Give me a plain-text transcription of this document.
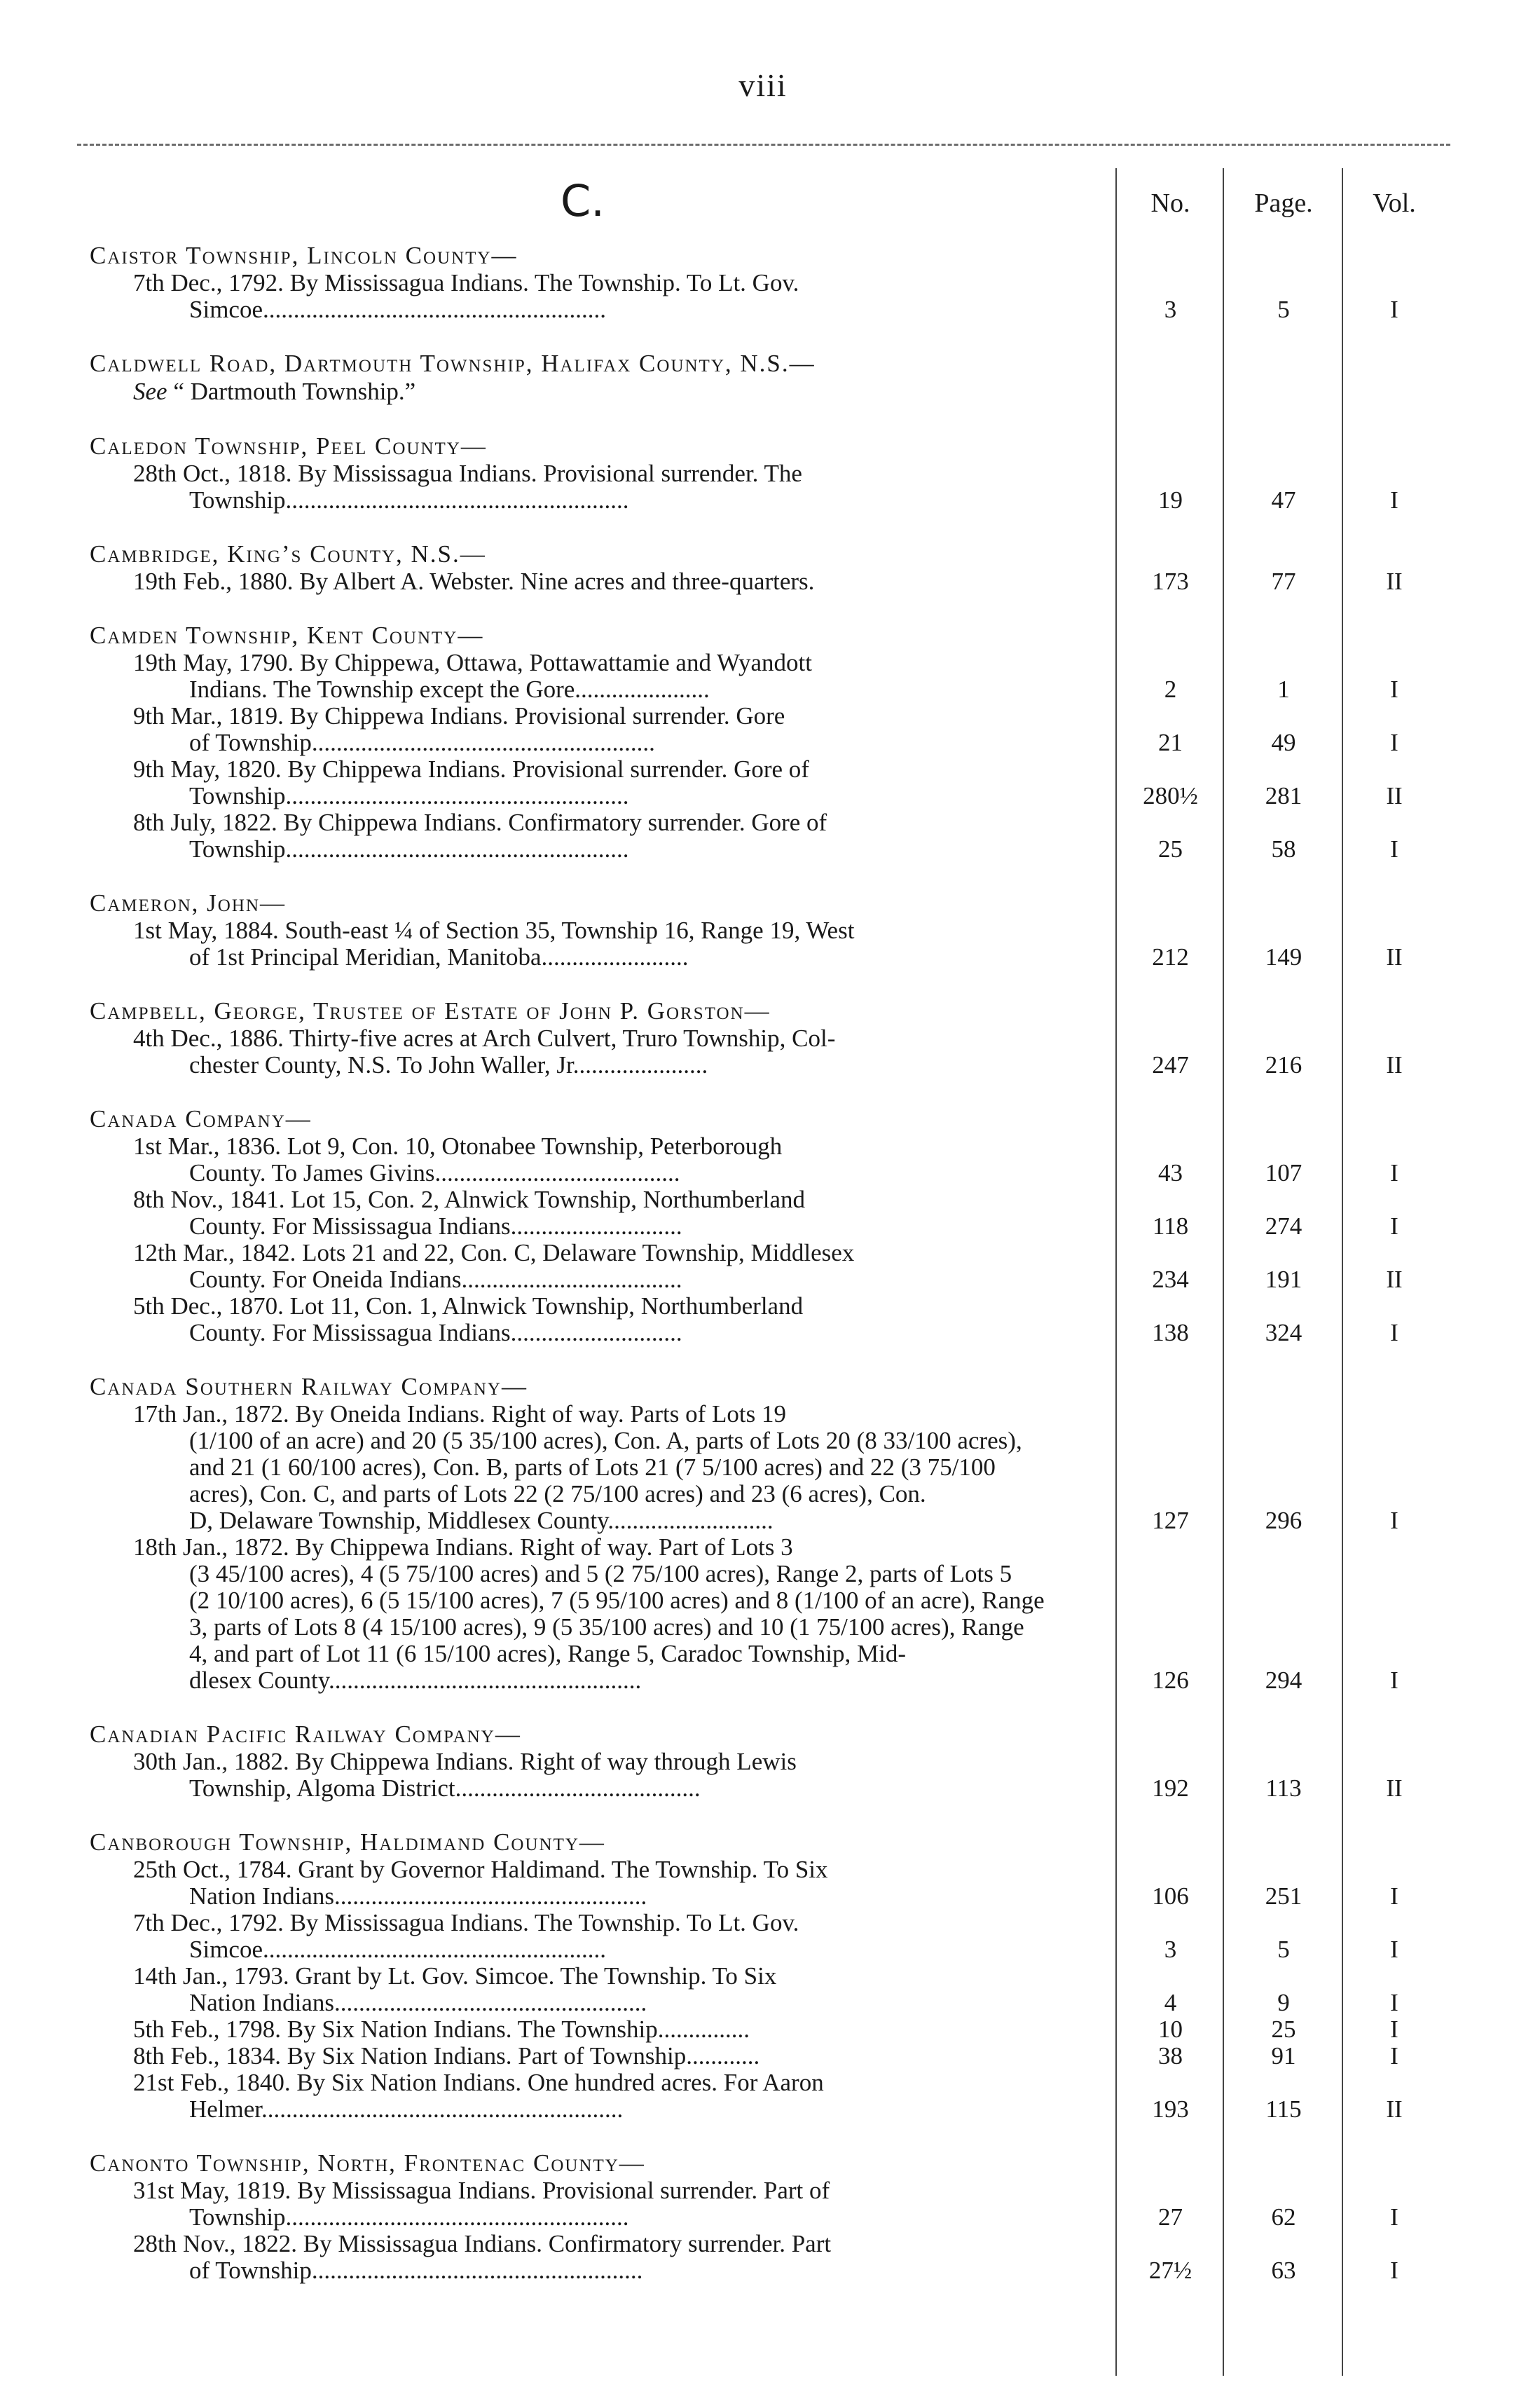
viii
C.	No.	Page.	Vol.
Caistor Township, Lincoln County—
7th Dec., 1792. By Mississagua Indians. The Township. To Lt. Gov.
Simcoe........................................................	3	5	I
Caldwell Road, Dartmouth Township, Halifax County, N.S.—
See “ Dartmouth Township.”
Caledon Township, Peel County—
28th Oct., 1818. By Mississagua Indians. Provisional surrender. The
Township........................................................	19	47	I
Cambridge, King’s County, N.S.—
19th Feb., 1880. By Albert A. Webster. Nine acres and three-quarters.	173	77	II
Camden Township, Kent County—
19th May, 1790. By Chippewa, Ottawa, Pottawattamie and Wyandott
Indians. The Township except the Gore......................	2	1	I
9th Mar., 1819. By Chippewa Indians. Provisional surrender. Gore
of Township........................................................	21	49	I
9th May, 1820. By Chippewa Indians. Provisional surrender. Gore of
Township........................................................	280½	281	II
8th July, 1822. By Chippewa Indians. Confirmatory surrender. Gore of
Township........................................................	25	58	I
Cameron, John—
1st May, 1884. South-east ¼ of Section 35, Township 16, Range 19, West
of 1st Principal Meridian, Manitoba........................	212	149	II
Campbell, George, Trustee of Estate of John P. Gorston—
4th Dec., 1886. Thirty-five acres at Arch Culvert, Truro Township, Col-
chester County, N.S. To John Waller, Jr......................	247	216	II
Canada Company—
1st Mar., 1836. Lot 9, Con. 10, Otonabee Township, Peterborough
County. To James Givins........................................	43	107	I
8th Nov., 1841. Lot 15, Con. 2, Alnwick Township, Northumberland
County. For Mississagua Indians............................	118	274	I
12th Mar., 1842. Lots 21 and 22, Con. C, Delaware Township, Middlesex
County. For Oneida Indians....................................	234	191	II
5th Dec., 1870. Lot 11, Con. 1, Alnwick Township, Northumberland
County. For Mississagua Indians............................	138	324	I
Canada Southern Railway Company—
17th Jan., 1872. By Oneida Indians. Right of way. Parts of Lots 19
(1/100 of an acre) and 20 (5 35/100 acres), Con. A, parts of Lots 20 (8 33/100 acres),
and 21 (1 60/100 acres), Con. B, parts of Lots 21 (7 5/100 acres) and 22 (3 75/100
acres), Con. C, and parts of Lots 22 (2 75/100 acres) and 23 (6 acres), Con.
D, Delaware Township, Middlesex County...........................	127	296	I
18th Jan., 1872. By Chippewa Indians. Right of way. Part of Lots 3
(3 45/100 acres), 4 (5 75/100 acres) and 5 (2 75/100 acres), Range 2, parts of Lots 5
(2 10/100 acres), 6 (5 15/100 acres), 7 (5 95/100 acres) and 8 (1/100 of an acre), Range
3, parts of Lots 8 (4 15/100 acres), 9 (5 35/100 acres) and 10 (1 75/100 acres), Range
4, and part of Lot 11 (6 15/100 acres), Range 5, Caradoc Township, Mid-
dlesex County...................................................	126	294	I
Canadian Pacific Railway Company—
30th Jan., 1882. By Chippewa Indians. Right of way through Lewis
Township, Algoma District........................................	192	113	II
Canborough Township, Haldimand County—
25th Oct., 1784. Grant by Governor Haldimand. The Township. To Six
Nation Indians...................................................	106	251	I
7th Dec., 1792. By Mississagua Indians. The Township. To Lt. Gov.
Simcoe........................................................	3	5	I
14th Jan., 1793. Grant by Lt. Gov. Simcoe. The Township. To Six
Nation Indians...................................................	4	9	I
5th Feb., 1798. By Six Nation Indians. The Township...............	10	25	I
8th Feb., 1834. By Six Nation Indians. Part of Township............	38	91	I
21st Feb., 1840. By Six Nation Indians. One hundred acres. For Aaron
Helmer...........................................................	193	115	II
Canonto Township, North, Frontenac County—
31st May, 1819. By Mississagua Indians. Provisional surrender. Part of
Township........................................................	27	62	I
28th Nov., 1822. By Mississagua Indians. Confirmatory surrender. Part
of Township......................................................	27½	63	I
